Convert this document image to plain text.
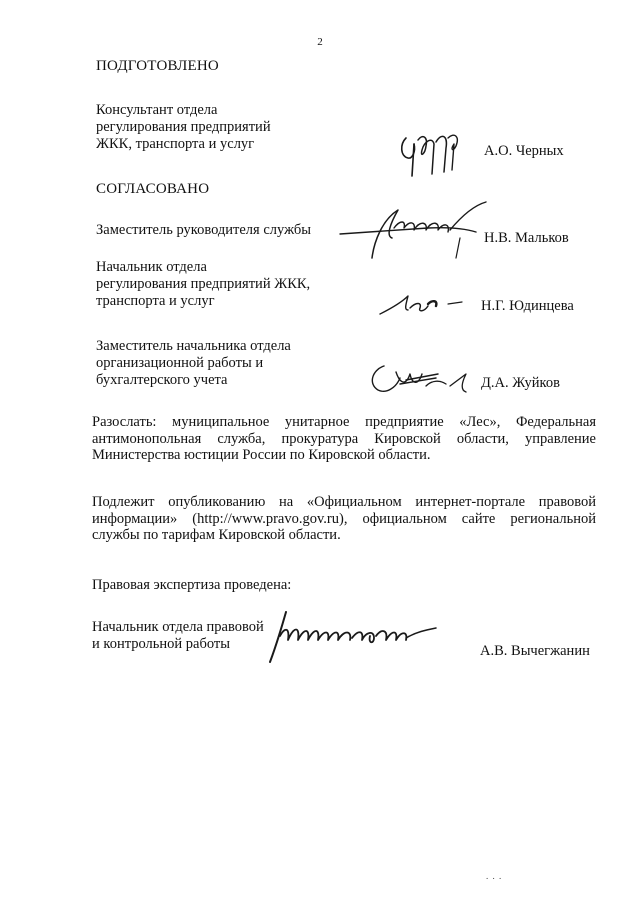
2
ПОДГОТОВЛЕНО
Консультант отдела
регулирования предприятий
ЖКК, транспорта и услуг	А.О. Черных
СОГЛАСОВАНО
Заместитель руководителя службы	Н.В. Мальков
Начальник отдела
регулирования предприятий ЖКК,
транспорта и услуг	Н.Г. Юдинцева
Заместитель начальника отдела
организационной работы и
бухгалтерского учета	Д.А. Жуйков
Разослать: муниципальное унитарное предприятие «Лес», Федеральная антимонопольная служба, прокуратура Кировской области, управление Министерства юстиции России по Кировской области.
Подлежит опубликованию на «Официальном интернет-портале правовой информации» (http://www.pravo.gov.ru), официальном сайте региональной службы по тарифам Кировской области.
Правовая экспертиза проведена:
Начальник отдела правовой
и контрольной работы	А.В. Вычегжанин
. . .
